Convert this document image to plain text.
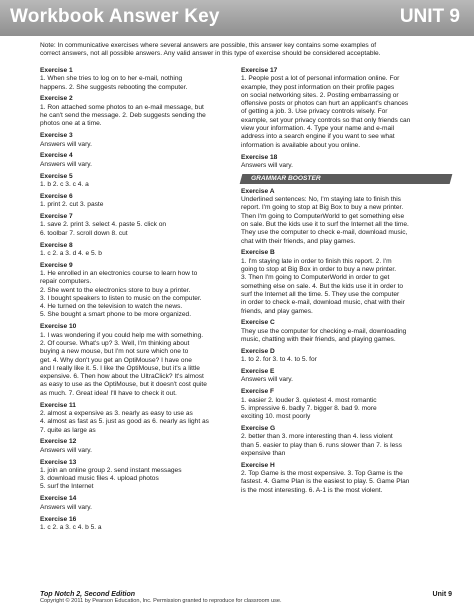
Workbook Answer Key	UNIT 9
Note: In communicative exercises where several answers are possible, this answer key contains some examples of
correct answers, not all possible answers. Any valid answer in this type of exercise should be considered acceptable.
Exercise 1
1. When she tries to log on to her e-mail, nothing
happens. 2. She suggests rebooting the computer.
Exercise 2
1. Ron attached some photos to an e-mail message, but
he can't send the message. 2. Deb suggests sending the
photos one at a time.
Exercise 3
Answers will vary.
Exercise 4
Answers will vary.
Exercise 5
1. b 2. c 3. c 4. a
Exercise 6
1. print 2. cut 3. paste
Exercise 7
1. save 2. print 3. select 4. paste 5. click on
6. toolbar 7. scroll down 8. cut
Exercise 8
1. c 2. a 3. d 4. e 5. b
Exercise 9
1. He enrolled in an electronics course to learn how to
repair computers.
2. She went to the electronics store to buy a printer.
3. I bought speakers to listen to music on the computer.
4. He turned on the television to watch the news.
5. She bought a smart phone to be more organized.
Exercise 10
1. I was wondering if you could help me with something.
2. Of course. What's up? 3. Well, I'm thinking about
buying a new mouse, but I'm not sure which one to
get. 4. Why don't you get an OptiMouse? I have one
and I really like it. 5. I like the OptiMouse, but it's a little
expensive. 6. Then how about the UltraClick? It's almost
as easy to use as the OptiMouse, but it doesn't cost quite
as much. 7. Great idea! I'll have to check it out.
Exercise 11
2. almost a expensive as 3. nearly as easy to use as
4. almost as fast as 5. just as good as 6. nearly as light as
7. quite as large as
Exercise 12
Answers will vary.
Exercise 13
1. join an online group 2. send instant messages
3. download music files 4. upload photos
5. surf the Internet
Exercise 14
Answers will vary.
Exercise 16
1. c 2. a 3. c 4. b 5. a
Exercise 17
1. People post a lot of personal information online. For
example, they post information on their profile pages
on social networking sites. 2. Posting embarrassing or
offensive posts or photos can hurt an applicant's chances
of getting a job. 3. Use privacy controls wisely. For
example, set your privacy controls so that only friends can
view your information. 4. Type your name and e-mail
address into a search engine if you want to see what
information is available about you online.
Exercise 18
Answers will vary.
GRAMMAR BOOSTER
Exercise A
Underlined sentences: No, I'm staying late to finish this
report. I'm going to stop at Big Box to buy a new printer.
Then I'm going to ComputerWorld to get something else
on sale. But the kids use it to surf the Internet all the time.
They use the computer to check e-mail, download music,
chat with their friends, and play games.
Exercise B
1. I'm staying late in order to finish this report. 2. I'm
going to stop at Big Box in order to buy a new printer.
3. Then I'm going to ComputerWorld in order to get
something else on sale. 4. But the kids use it in order to
surf the Internet all the time. 5. They use the computer
in order to check e-mail, download music, chat with their
friends, and play games.
Exercise C
They use the computer for checking e-mail, downloading
music, chatting with their friends, and playing games.
Exercise D
1. to 2. for 3. to 4. to 5. for
Exercise E
Answers will vary.
Exercise F
1. easier 2. louder 3. quietest 4. most romantic
5. impressive 6. badly 7. bigger 8. bad 9. more
exciting 10. most poorly
Exercise G
2. better than 3. more interesting than 4. less violent
than 5. easier to play than 6. runs slower than 7. is less
expensive than
Exercise H
2. Top Game is the most expensive. 3. Top Game is the
fastest. 4. Game Plan is the easiest to play. 5. Game Plan
is the most interesting. 6. A-1 is the most violent.
Top Notch 2, Second Edition
Copyright © 2011 by Pearson Education, Inc. Permission granted to reproduce for classroom use.
Unit 9
